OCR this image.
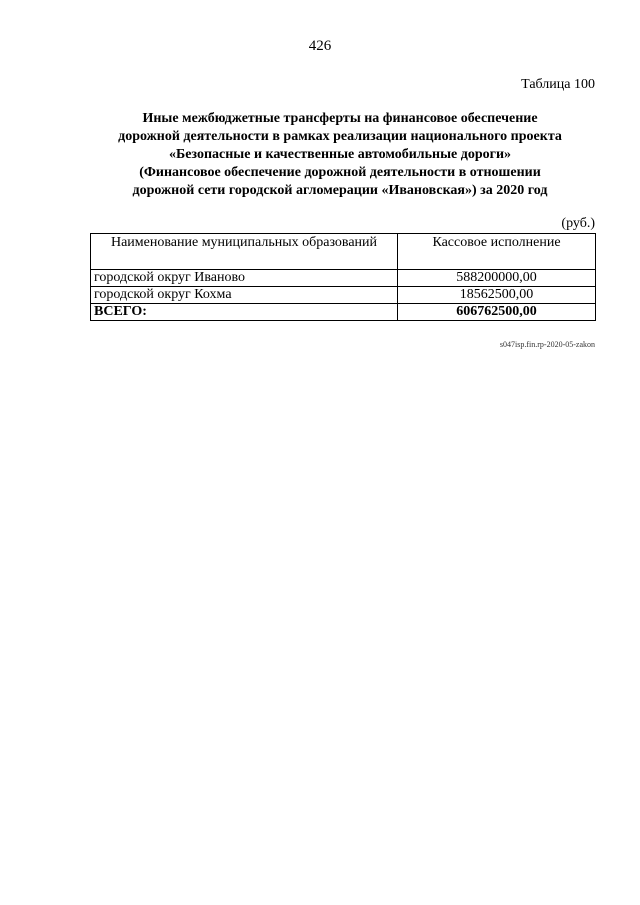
426
Таблица 100
Иные межбюджетные трансферты на финансовое обеспечение
дорожной деятельности в рамках реализации национального проекта
«Безопасные и качественные автомобильные дороги»
(Финансовое обеспечение дорожной деятельности в отношении
дорожной сети городской агломерации «Ивановская») за 2020 год
(руб.)
Наименование муниципальных образований	Кассовое исполнение
городской округ Иваново	588200000,00
городской округ Кохма	18562500,00
ВСЕГО:	606762500,00
s047isp.fin.rp-2020-05-zakon
